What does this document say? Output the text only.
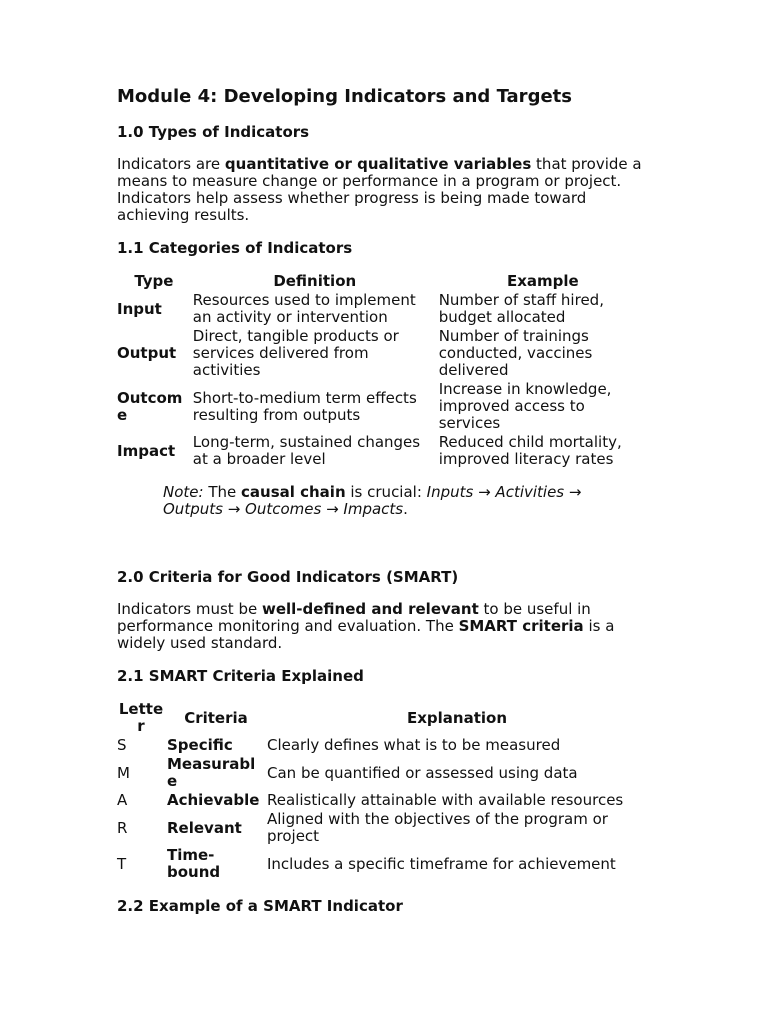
Module 4: Developing Indicators and Targets
1.0 Types of Indicators

Indicators are quantitative or qualitative variables that provide a means to measure change or performance in a program or project. Indicators help assess whether progress is being made toward achieving results.

1.1 Categories of Indicators
Type	Definition	Example
Input	Resources used to implement an activity or intervention	Number of staff hired, budget allocated
Output	Direct, tangible products or services delivered from activities	Number of trainings conducted, vaccines delivered
Outcome	Short-to-medium term effects resulting from outputs	Increase in knowledge, improved access to services
Impact	Long-term, sustained changes at a broader level	Reduced child mortality, improved literacy rates

Note: The causal chain is crucial: Inputs → Activities → Outputs → Outcomes → Impacts.

2.0 Criteria for Good Indicators (SMART)

Indicators must be well-defined and relevant to be useful in performance monitoring and evaluation. The SMART criteria is a widely used standard.

2.1 SMART Criteria Explained
Letter	Criteria	Explanation
S	Specific	Clearly defines what is to be measured
M	Measurable	Can be quantified or assessed using data
A	Achievable	Realistically attainable with available resources
R	Relevant	Aligned with the objectives of the program or project
T	Time-bound	Includes a specific timeframe for achievement
2.2 Example of a SMART Indicator
